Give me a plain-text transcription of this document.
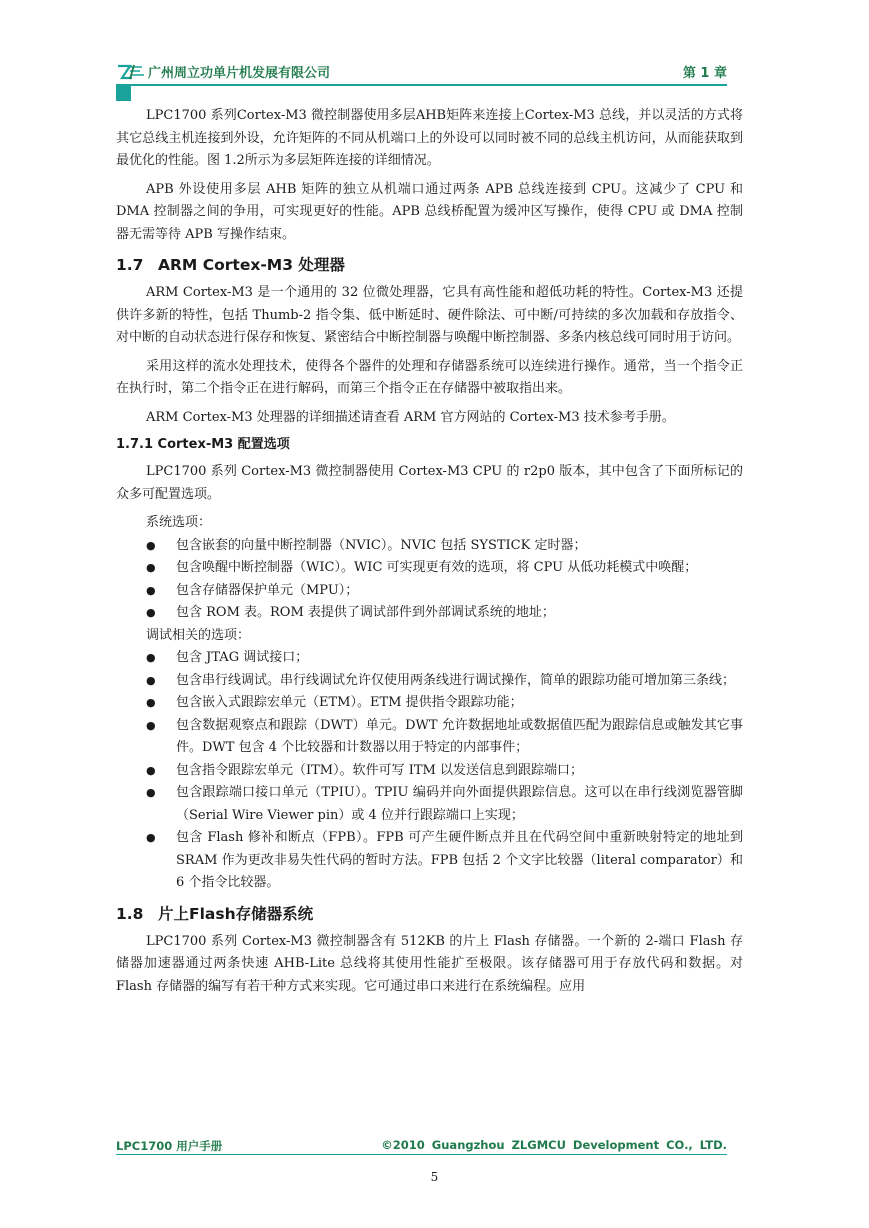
广州周立功单片机发展有限公司	第 1 章

LPC1700 系列Cortex-M3 微控制器使用多层AHB矩阵来连接上Cortex-M3 总线，并以灵活的方式将其它总线主机连接到外设，允许矩阵的不同从机端口上的外设可以同时被不同的总线主机访问，从而能获取到最优化的性能。图 1.2所示为多层矩阵连接的详细情况。

APB 外设使用多层 AHB 矩阵的独立从机端口通过两条 APB 总线连接到 CPU。这减少了 CPU 和 DMA 控制器之间的争用，可实现更好的性能。APB 总线桥配置为缓冲区写操作，使得 CPU 或 DMA 控制器无需等待 APB 写操作结束。

1.7 ARM Cortex-M3 处理器

ARM Cortex-M3 是一个通用的 32 位微处理器，它具有高性能和超低功耗的特性。Cortex-M3 还提供许多新的特性，包括 Thumb-2 指令集、低中断延时、硬件除法、可中断/可持续的多次加载和存放指令、对中断的自动状态进行保存和恢复、紧密结合中断控制器与唤醒中断控制器、多条内核总线可同时用于访问。

采用这样的流水处理技术，使得各个器件的处理和存储器系统可以连续进行操作。通常，当一个指令正在执行时，第二个指令正在进行解码，而第三个指令正在存储器中被取指出来。

ARM Cortex-M3 处理器的详细描述请查看 ARM 官方网站的 Cortex-M3 技术参考手册。

1.7.1 Cortex-M3 配置选项

LPC1700 系列 Cortex-M3 微控制器使用 Cortex-M3 CPU 的 r2p0 版本，其中包含了下面所标记的众多可配置选项。

系统选项：
● 包含嵌套的向量中断控制器（NVIC）。NVIC 包括 SYSTICK 定时器；
● 包含唤醒中断控制器（WIC）。WIC 可实现更有效的选项，将 CPU 从低功耗模式中唤醒；
● 包含存储器保护单元（MPU）；
● 包含 ROM 表。ROM 表提供了调试部件到外部调试系统的地址；
调试相关的选项：
● 包含 JTAG 调试接口；
● 包含串行线调试。串行线调试允许仅使用两条线进行调试操作，简单的跟踪功能可增加第三条线；
● 包含嵌入式跟踪宏单元（ETM）。ETM 提供指令跟踪功能；
● 包含数据观察点和跟踪（DWT）单元。DWT 允许数据地址或数据值匹配为跟踪信息或触发其它事件。DWT 包含 4 个比较器和计数器以用于特定的内部事件；
● 包含指令跟踪宏单元（ITM）。软件可写 ITM 以发送信息到跟踪端口；
● 包含跟踪端口接口单元（TPIU）。TPIU 编码并向外面提供跟踪信息。这可以在串行线浏览器管脚（Serial Wire Viewer pin）或 4 位并行跟踪端口上实现；
● 包含 Flash 修补和断点（FPB）。FPB 可产生硬件断点并且在代码空间中重新映射特定的地址到 SRAM 作为更改非易失性代码的暂时方法。FPB 包括 2 个文字比较器（literal comparator）和 6 个指令比较器。
1.8 片上Flash存储器系统

LPC1700 系列 Cortex-M3 微控制器含有 512KB 的片上 Flash 存储器。一个新的 2-端口 Flash 存储器加速器通过两条快速 AHB-Lite 总线将其使用性能扩至极限。该存储器可用于存放代码和数据。对 Flash 存储器的编写有若干种方式来实现。它可通过串口来进行在系统编程。应用

LPC1700 用户手册	©2010 Guangzhou ZLGMCU Development CO., LTD.
5
